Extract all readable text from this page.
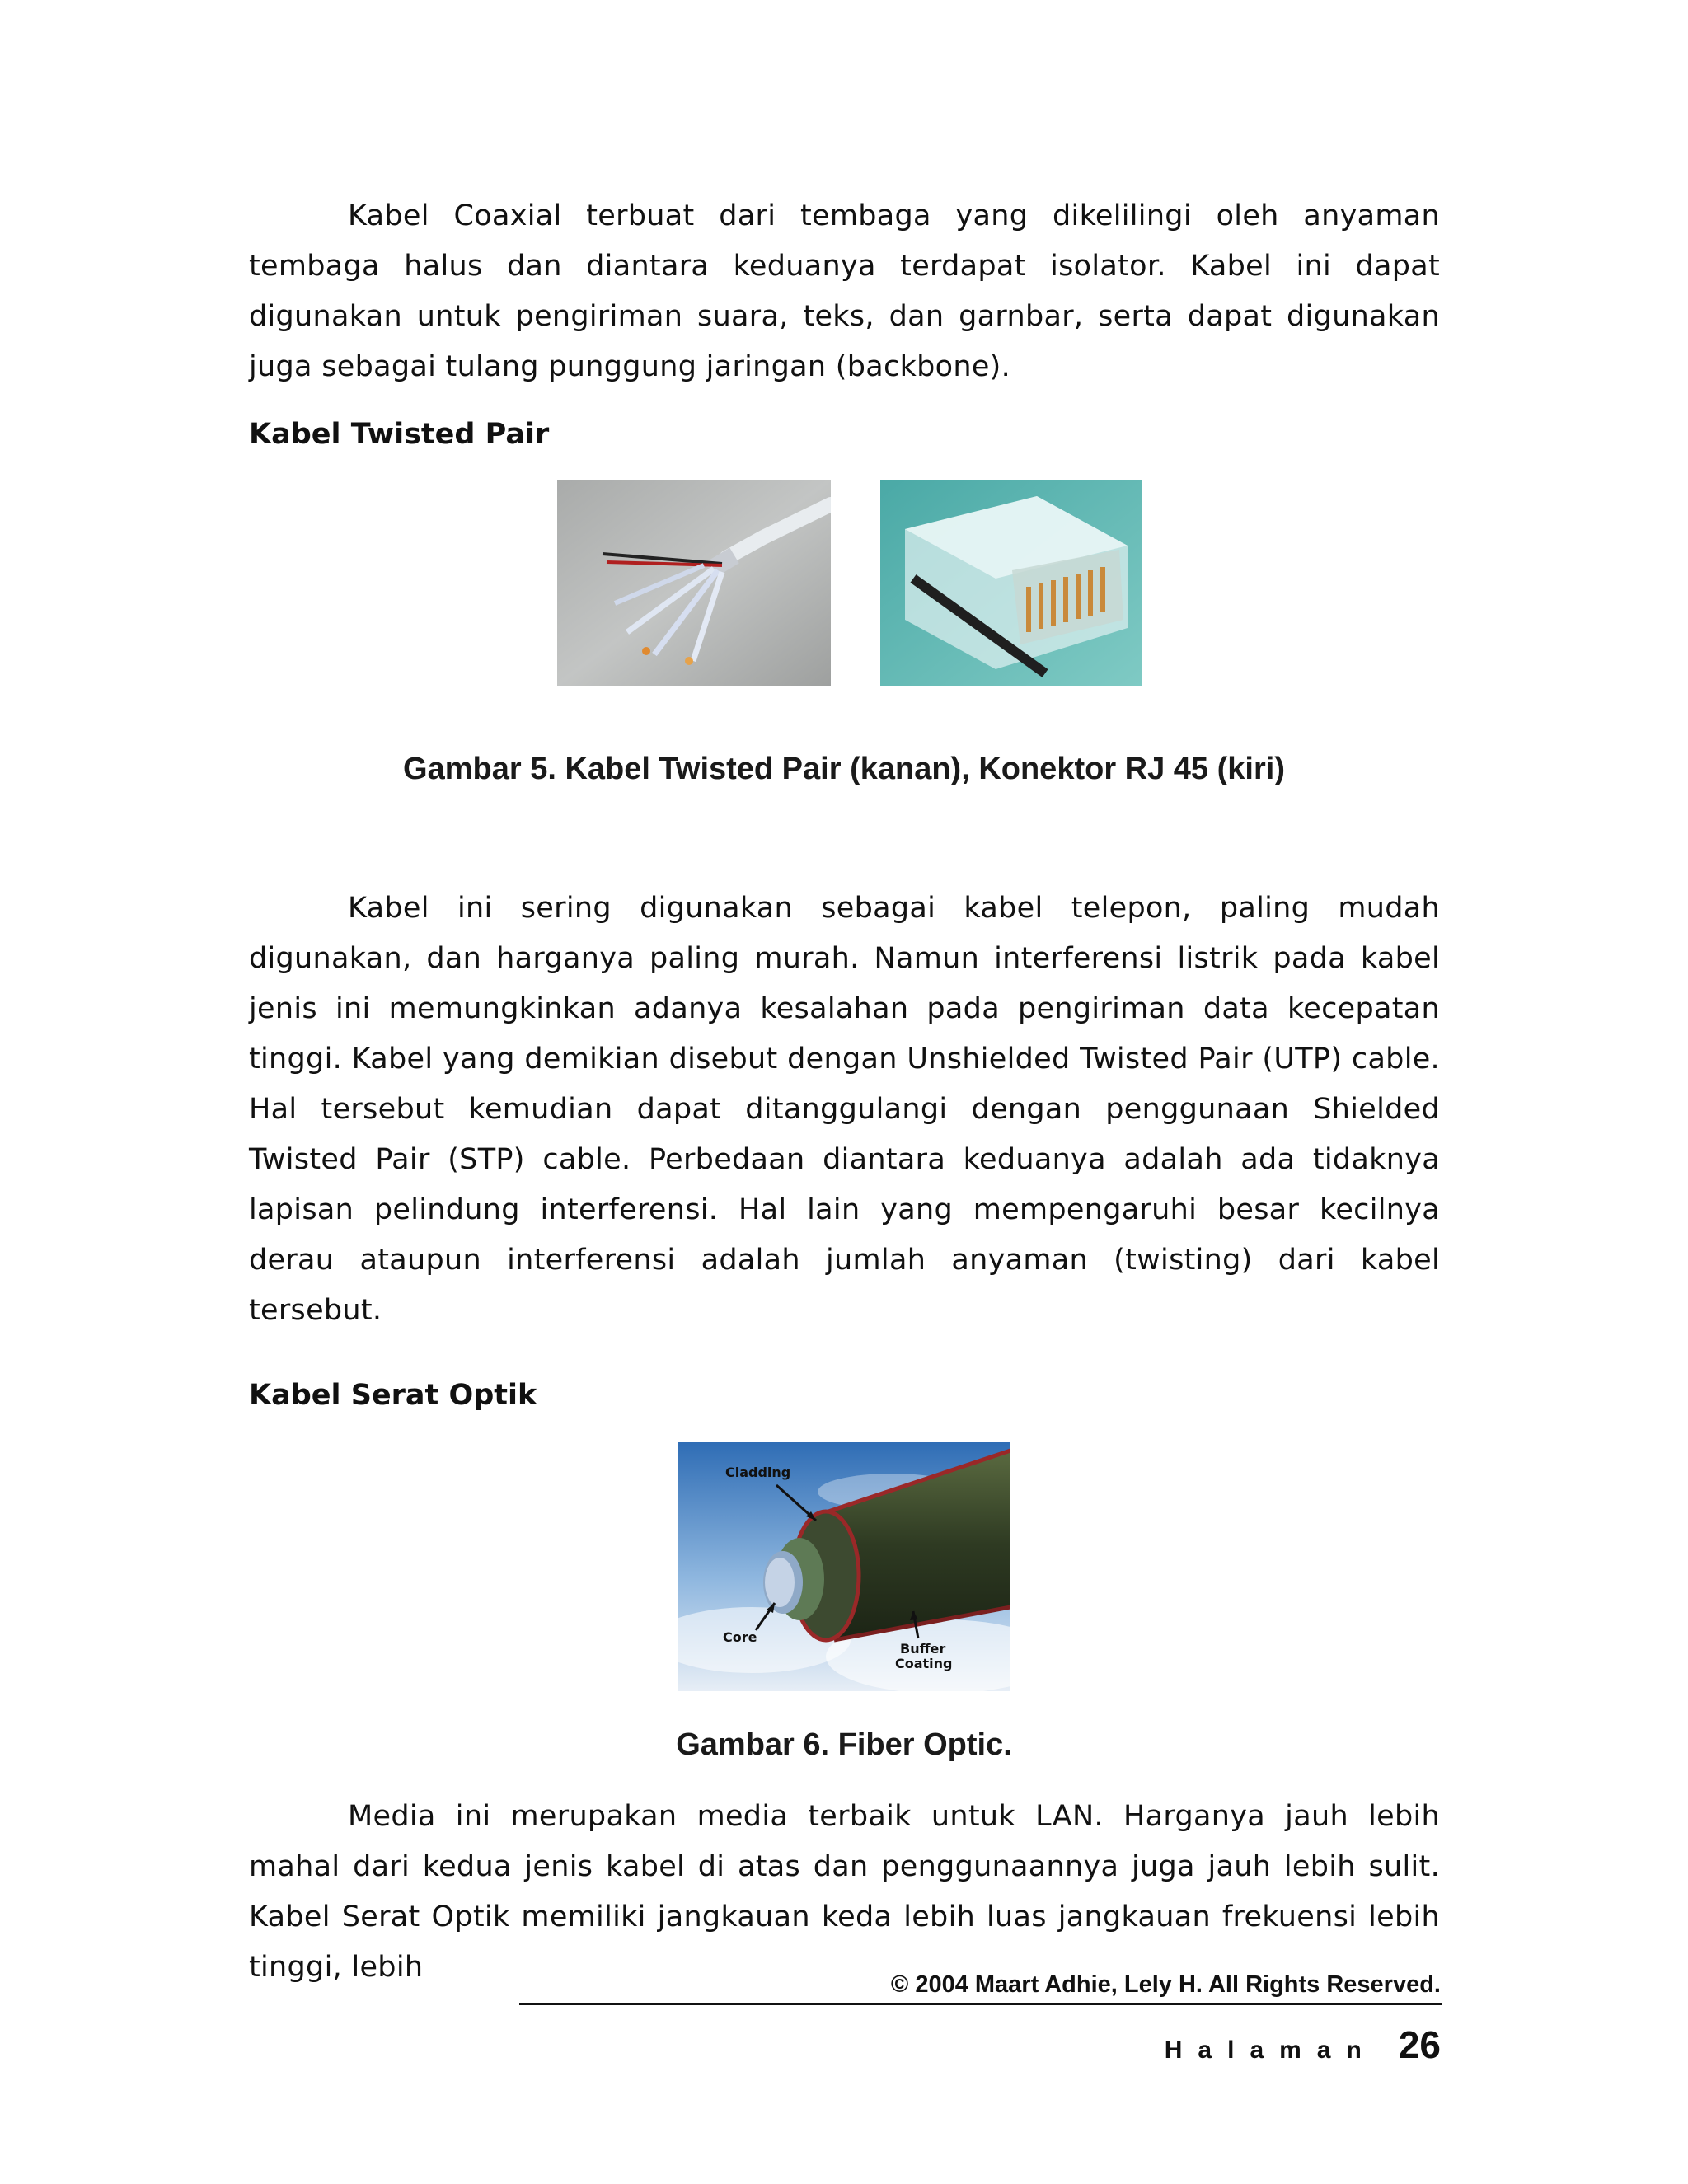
Kabel Coaxial terbuat dari tembaga yang dikelilingi oleh anyaman tembaga halus dan diantara keduanya terdapat isolator. Kabel ini dapat digunakan untuk pengiriman suara, teks, dan garnbar, serta dapat digunakan juga sebagai tulang punggung jaringan (backbone).

Kabel Twisted Pair

Gambar 5. Kabel Twisted Pair (kanan), Konektor RJ 45 (kiri)

Kabel ini sering digunakan sebagai kabel telepon, paling mudah digunakan, dan harganya paling murah. Namun interferensi listrik pada kabel jenis ini memungkinkan adanya kesalahan pada pengiriman data kecepatan tinggi. Kabel yang demikian disebut dengan Unshielded Twisted Pair (UTP) cable. Hal tersebut kemudian dapat ditanggulangi dengan penggunaan Shielded Twisted Pair (STP) cable. Perbedaan diantara keduanya adalah ada tidaknya lapisan pelindung interferensi. Hal lain yang mempengaruhi besar kecilnya derau ataupun interferensi adalah jumlah anyaman (twisting) dari kabel tersebut.

Kabel Serat Optik
Cladding
Core
Buffer
Coating

Gambar 6. Fiber Optic.

Media ini merupakan media terbaik untuk LAN. Harganya jauh lebih mahal dari kedua jenis kabel di atas dan penggunaannya juga jauh lebih sulit. Kabel Serat Optik memiliki jangkauan keda lebih luas jangkauan frekuensi lebih tinggi, lebih

© 2004 Maart Adhie, Lely H. All Rights Reserved.
Halaman 26
